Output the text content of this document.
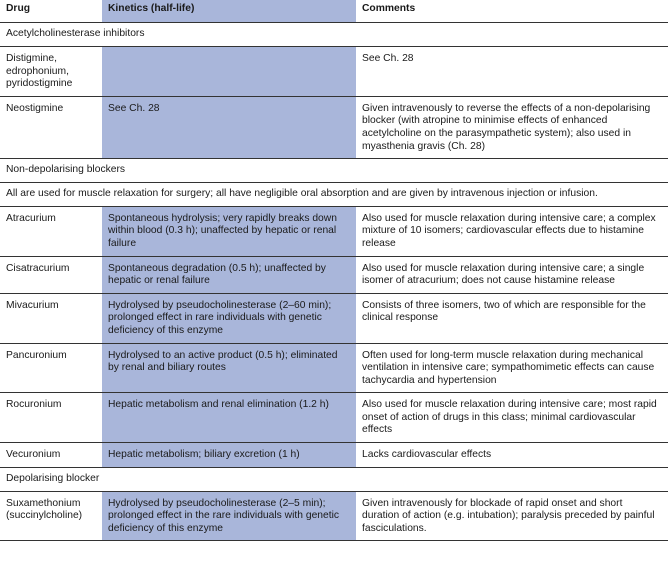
Drug	Kinetics (half-life)	Comments
Acetylcholinesterase inhibitors		
Distigmine, edrophonium, pyridostigmine		See Ch. 28
Neostigmine	See Ch. 28	Given intravenously to reverse the effects of a non-depolarising blocker (with atropine to minimise effects of enhanced acetylcholine on the parasympathetic system); also used in myasthenia gravis (Ch. 28)
Non-depolarising blockers		
All are used for muscle relaxation for surgery; all have negligible oral absorption and are given by intravenous injection or infusion.		
Atracurium	Spontaneous hydrolysis; very rapidly breaks down within blood (0.3 h); unaffected by hepatic or renal failure	Also used for muscle relaxation during intensive care; a complex mixture of 10 isomers; cardiovascular effects due to histamine release
Cisatracurium	Spontaneous degradation (0.5 h); unaffected by hepatic or renal failure	Also used for muscle relaxation during intensive care; a single isomer of atracurium; does not cause histamine release
Mivacurium	Hydrolysed by pseudocholinesterase (2–60 min); prolonged effect in rare individuals with genetic deficiency of this enzyme	Consists of three isomers, two of which are responsible for the clinical response
Pancuronium	Hydrolysed to an active product (0.5 h); eliminated by renal and biliary routes	Often used for long-term muscle relaxation during mechanical ventilation in intensive care; sympathomimetic effects can cause tachycardia and hypertension
Rocuronium	Hepatic metabolism and renal elimination (1.2 h)	Also used for muscle relaxation during intensive care; most rapid onset of action of drugs in this class; minimal cardiovascular effects
Vecuronium	Hepatic metabolism; biliary excretion (1 h)	Lacks cardiovascular effects
Depolarising blocker		
Suxamethonium (succinylcholine)	Hydrolysed by pseudocholinesterase (2–5 min); prolonged effect in the rare individuals with genetic deficiency of this enzyme	Given intravenously for blockade of rapid onset and short duration of action (e.g. intubation); paralysis preceded by painful fasciculations.
